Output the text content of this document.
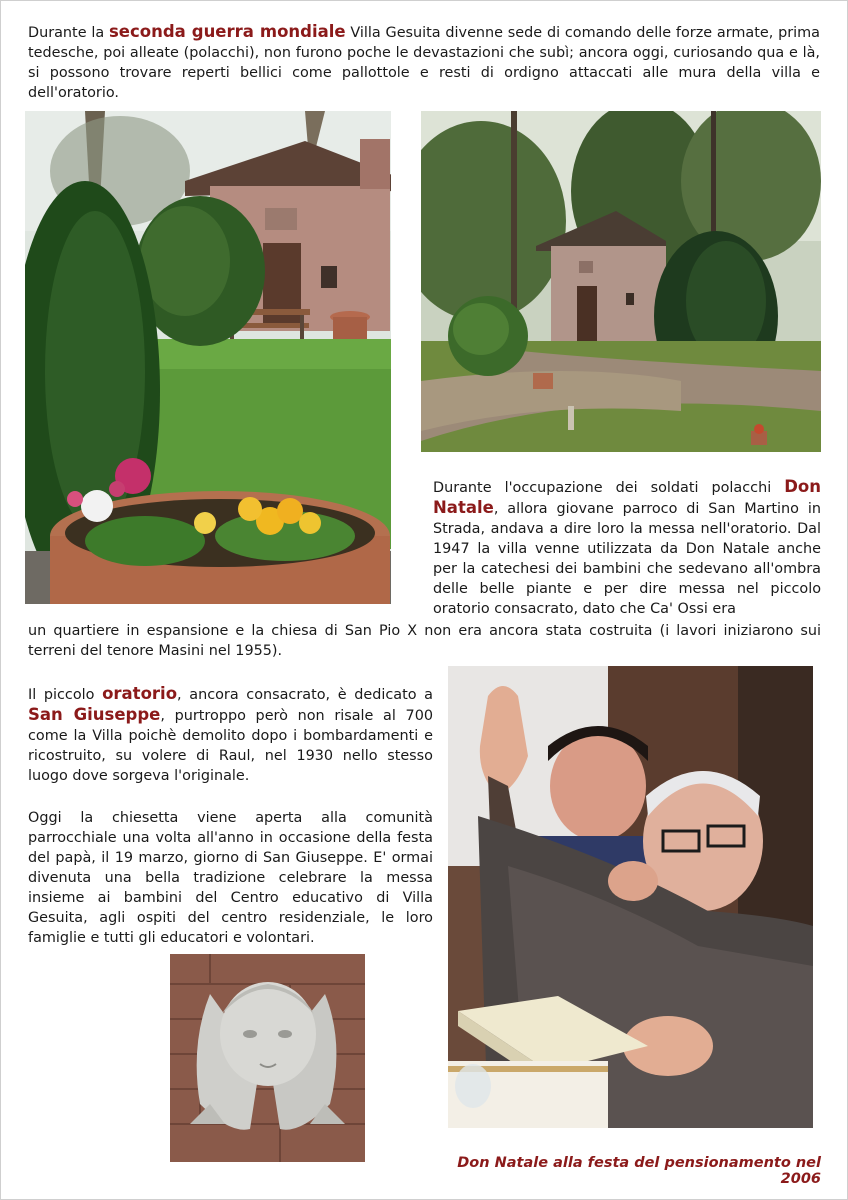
Durante la seconda guerra mondiale Villa Gesuita divenne sede di comando delle forze armate, prima tedesche, poi alleate (polacchi), non furono poche le devastazioni che subì; ancora oggi, curiosando qua e là, si possono trovare reperti bellici come pallottole e resti di ordigno attaccati alle mura della villa e dell'oratorio.
Durante l'occupazione dei soldati polacchi Don Natale, allora giovane parroco di San Martino in Strada, andava a dire loro la messa nell'oratorio. Dal 1947 la villa venne utilizzata da Don Natale anche per la catechesi dei bambini che sedevano all'ombra delle belle piante e per dire messa nel piccolo oratorio consacrato, dato che Ca' Ossi era
un quartiere in espansione e la chiesa di San Pio X non era ancora stata costruita (i lavori iniziarono sui terreni del tenore Masini nel 1955).
Il piccolo oratorio, ancora consacrato, è dedicato a San Giuseppe, purtroppo però non risale al 700 come la Villa poichè demolito dopo i bombardamenti e ricostruito, su volere di Raul, nel 1930 nello stesso luogo dove sorgeva l'originale.
Oggi la chiesetta viene aperta alla comunità parrocchiale una volta all'anno in occasione della festa del papà, il 19 marzo, giorno di San Giuseppe. E' ormai divenuta una bella tradizione celebrare la messa insieme ai bambini del Centro educativo di Villa Gesuita, agli ospiti del centro residenziale, le loro famiglie e tutti gli educatori e volontari.
Don Natale alla festa del pensionamento nel 2006
